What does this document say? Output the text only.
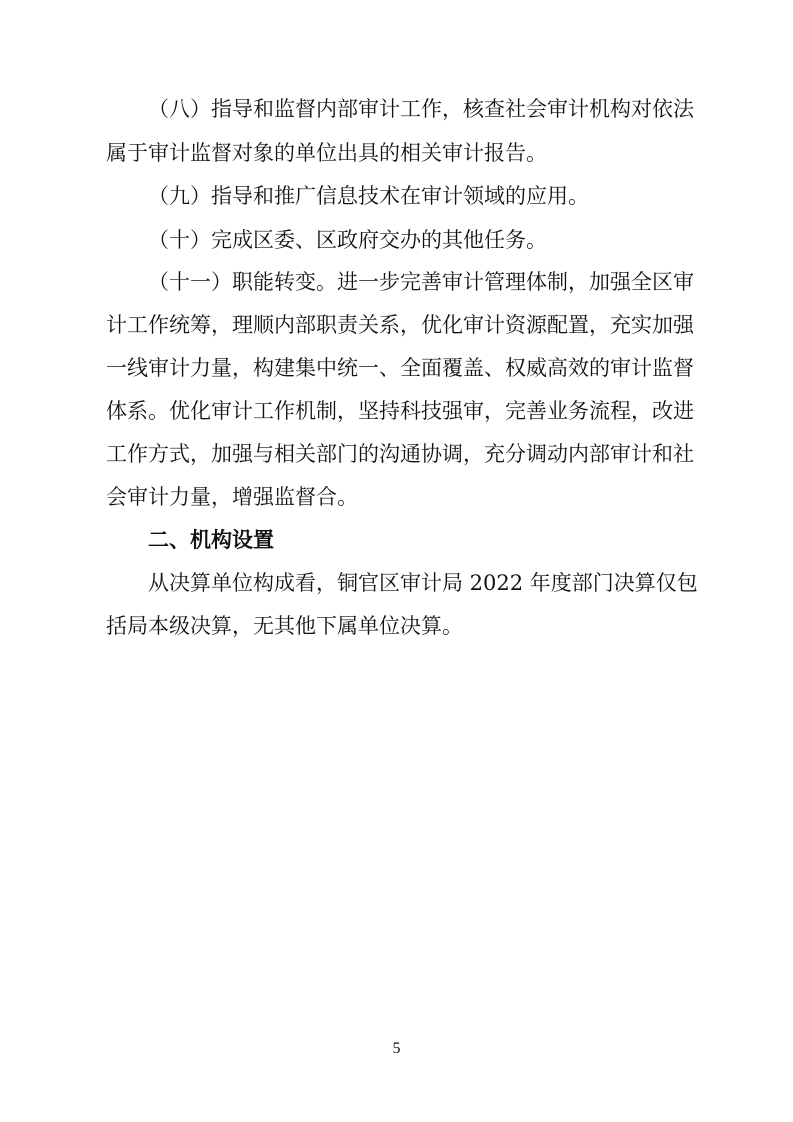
（八）指导和监督内部审计工作，核查社会审计机构对依法
属于审计监督对象的单位出具的相关审计报告。
（九）指导和推广信息技术在审计领域的应用。
（十）完成区委、区政府交办的其他任务。
（十一）职能转变。进一步完善审计管理体制，加强全区审
计工作统筹，理顺内部职责关系，优化审计资源配置，充实加强
一线审计力量，构建集中统一、全面覆盖、权威高效的审计监督
体系。优化审计工作机制，坚持科技强审，完善业务流程，改进
工作方式，加强与相关部门的沟通协调，充分调动内部审计和社
会审计力量，增强监督合。
二、机构设置
从决算单位构成看，铜官区审计局 2022 年度部门决算仅包
括局本级决算，无其他下属单位决算。
5
